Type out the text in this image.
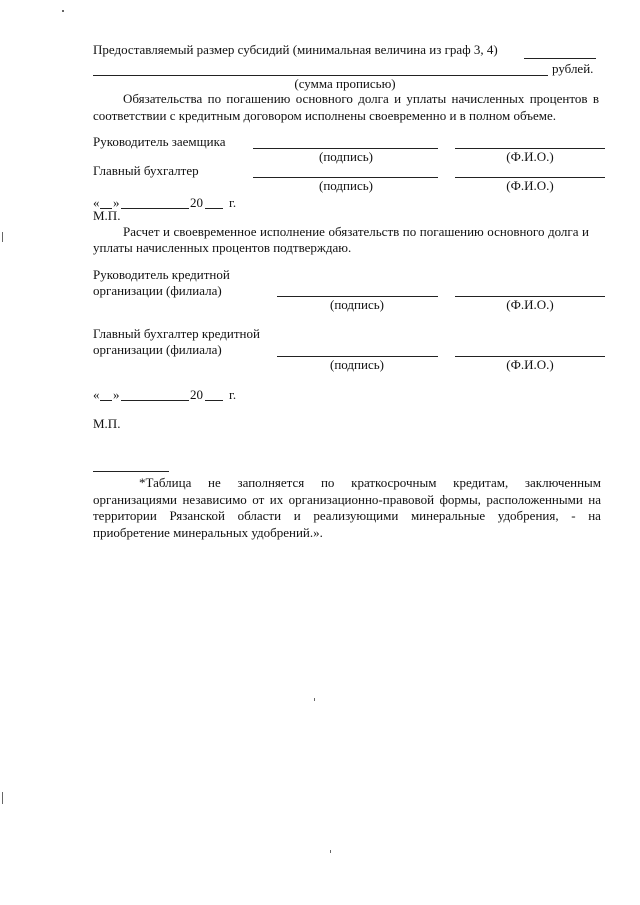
Предоставляемый размер субсидий (минимальная величина из граф 3, 4)
рублей.
(сумма прописью)
Обязательства по погашению основного долга и уплаты начисленных процентов в
соответствии с кредитным договором исполнены своевременно и в полном объеме.
Руководитель заемщика
(подпись)	(Ф.И.О.)
Главный бухгалтер
(подпись)	(Ф.И.О.)
« »	20 г.
М.П.
Расчет и своевременное исполнение обязательств по погашению основного долга и
уплаты начисленных процентов подтверждаю.
Руководитель кредитной
организации (филиала)
(подпись)	(Ф.И.О.)
Главный бухгалтер кредитной
организации (филиала)
(подпись)	(Ф.И.О.)
« »	20 г.
М.П.
*Таблица не заполняется по краткосрочным кредитам, заключенным
организациями независимо от их организационно-правовой формы, расположенными на
территории Рязанской области и реализующими минеральные удобрения, - на
приобретение минеральных удобрений.».
